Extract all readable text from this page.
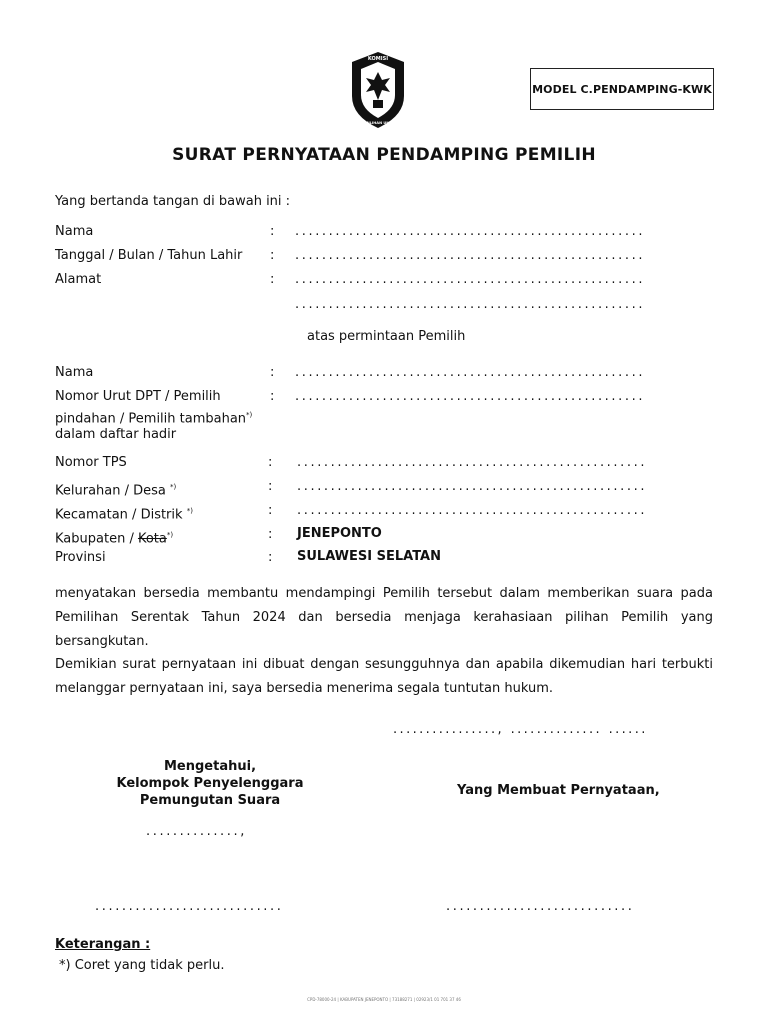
KOMISI
PEMILIHAN UMUM
MODEL C.PENDAMPING-KWK
SURAT PERNYATAAN PENDAMPING PEMILIH
Yang bertanda tangan di bawah ini :
Nama	: ....................................................
Tanggal / Bulan / Tahun Lahir : ....................................................
Alamat	: ....................................................
....................................................
atas permintaan Pemilih
Nama	: ....................................................
Nomor Urut DPT / Pemilih
pindahan / Pemilih tambahan*)
dalam daftar hadir
: ....................................................
Nomor TPS	: ....................................................
Kelurahan / Desa *)	: ....................................................
Kecamatan / Distrik *)	: ....................................................
Kabupaten / Kota*)	: JENEPONTO
Provinsi	: SULAWESI SELATAN
menyatakan bersedia membantu mendampingi Pemilih tersebut dalam memberikan suara pada Pemilihan Serentak Tahun 2024 dan bersedia menjaga kerahasiaan pilihan Pemilih yang bersangkutan.
Demikian surat pernyataan ini dibuat dengan sesungguhnya dan apabila dikemudian hari terbukti melanggar pernyataan ini, saya bersedia menerima segala tuntutan hukum.
................, .............. ......
Mengetahui,
Kelompok Penyelenggara
Pemungutan Suara
Yang Membuat Pernyataan,
..............,
............................	............................
Keterangan :
*) Coret yang tidak perlu.
CPD-78000-24 | KABUPATEN JENEPONTO | 73188271 | 02923/1 01 701 37 46
